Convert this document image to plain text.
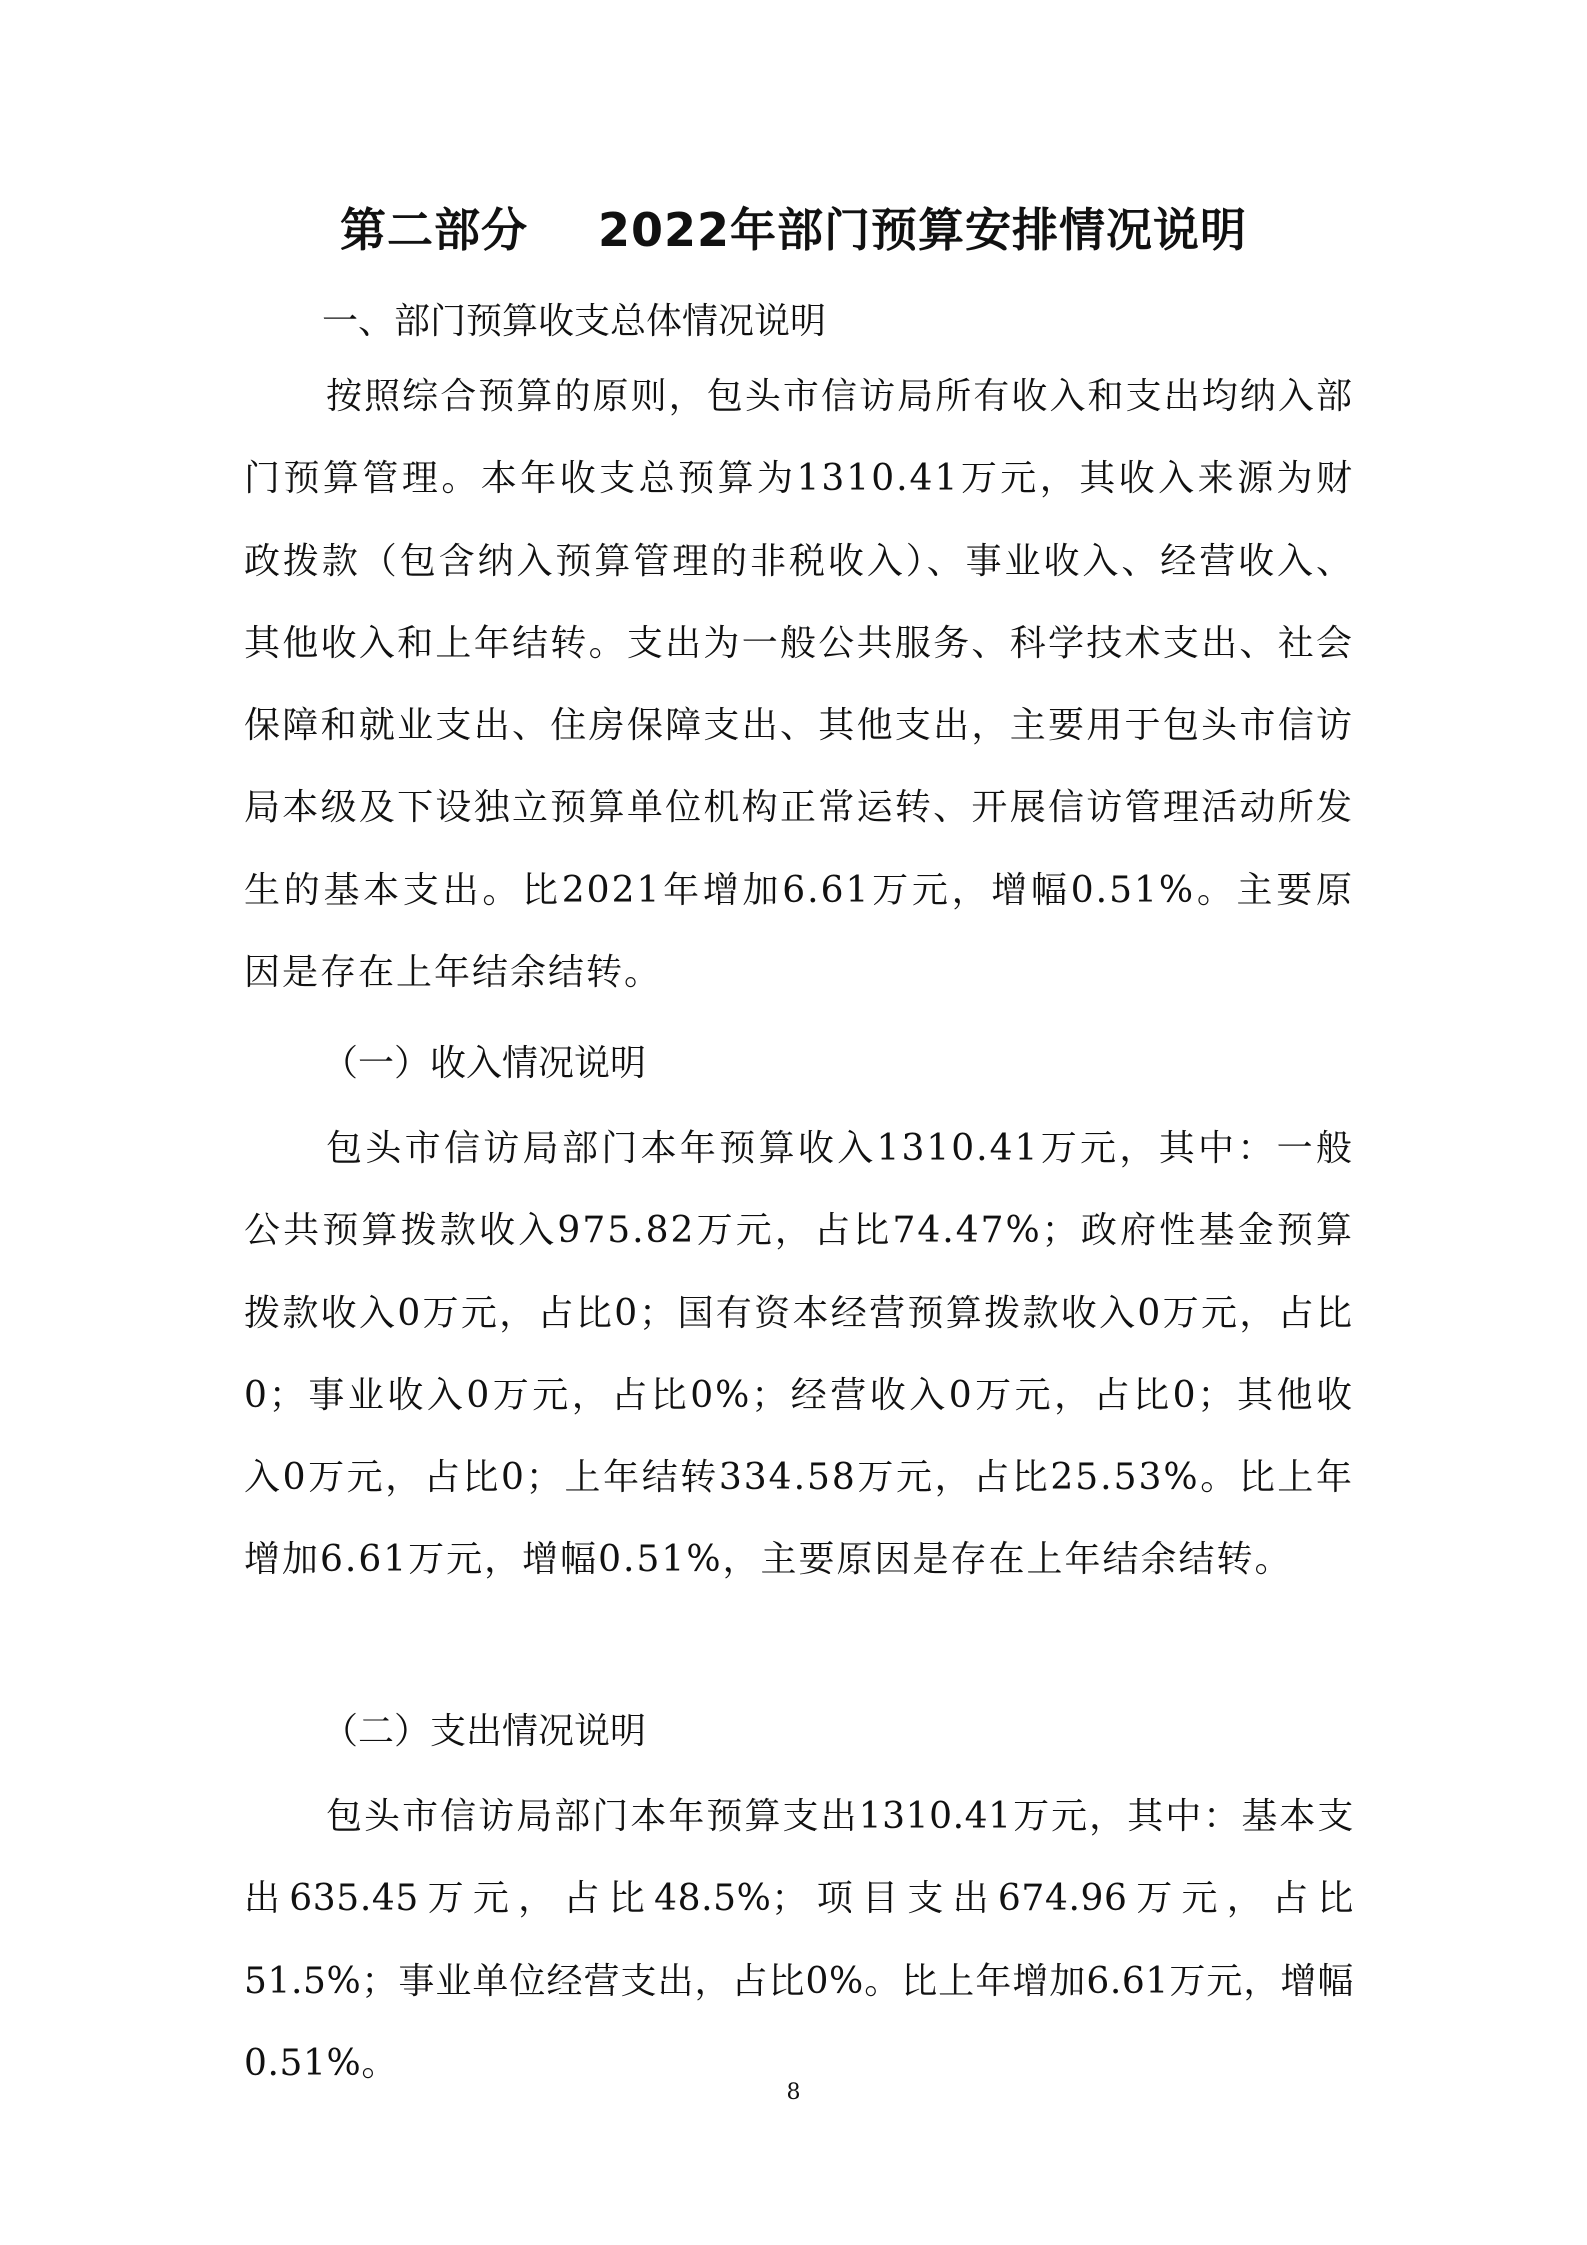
第二部分 2022年部门预算安排情况说明
一、部门预算收支总体情况说明
按照综合预算的原则，包头市信访局所有收入和支出均纳入部门预算管理。本年收支总预算为1310.41万元，其收入来源为财政拨款（包含纳入预算管理的非税收入）、事业收入、经营收入、其他收入和上年结转。支出为一般公共服务、科学技术支出、社会保障和就业支出、住房保障支出、其他支出，主要用于包头市信访局本级及下设独立预算单位机构正常运转、开展信访管理活动所发生的基本支出。比2021年增加6.61万元，增幅0.51%。主要原因是存在上年结余结转。
（一）收入情况说明
包头市信访局部门本年预算收入1310.41万元，其中：一般公共预算拨款收入975.82万元，占比74.47%；政府性基金预算拨款收入0万元，占比0；国有资本经营预算拨款收入0万元，占比0；事业收入0万元，占比0%；经营收入0万元，占比0；其他收入0万元，占比0；上年结转334.58万元，占比25.53%。比上年增加6.61万元，增幅0.51%，主要原因是存在上年结余结转。
（二）支出情况说明
包头市信访局部门本年预算支出1310.41万元，其中：基本支出635.45万元，占比48.5%；项目支出674.96万元，占比51.5%；事业单位经营支出，占比0%。比上年增加6.61万元，增幅0.51%。
8
